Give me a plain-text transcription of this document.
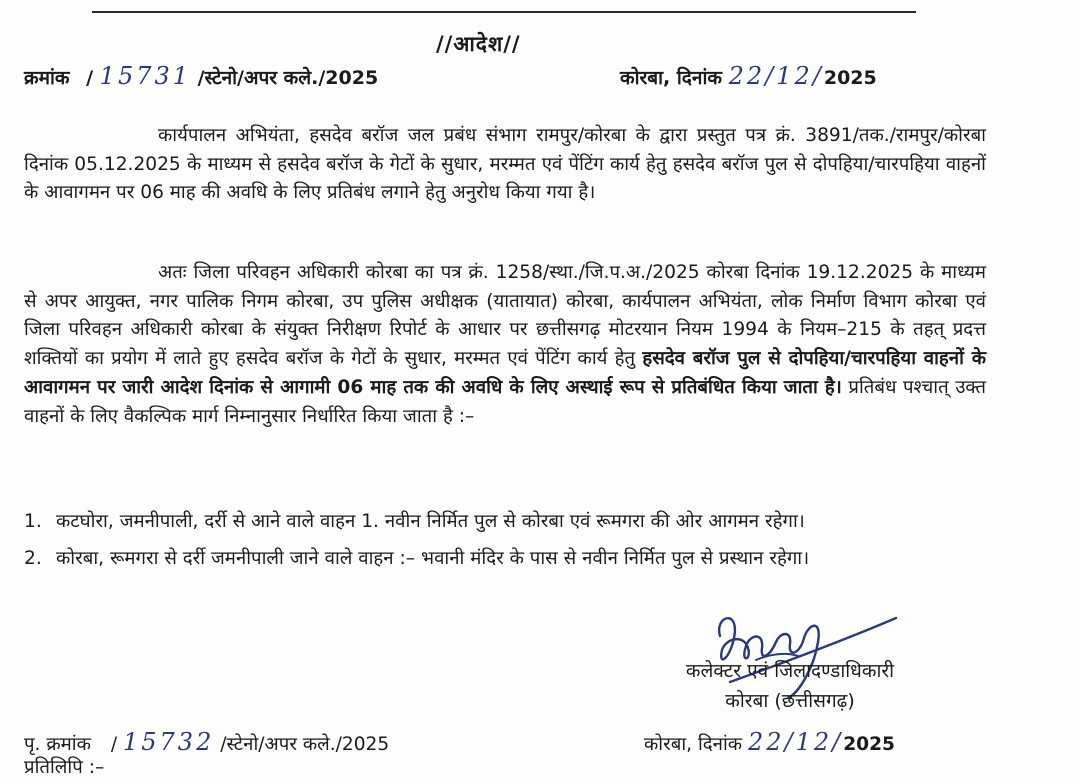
//आदेश//
क्रमांक / 15731 /स्टेनो/अपर कले./2025	कोरबा, दिनांक 22/12/2025
कार्यपालन अभियंता, हसदेव बरॉज जल प्रबंध संभाग रामपुर/कोरबा के द्वारा प्रस्तुत पत्र क्रं. 3891/तक./रामपुर/कोरबा दिनांक 05.12.2025 के माध्यम से हसदेव बरॉज के गेटों के सुधार, मरम्मत एवं पेंटिंग कार्य हेतु हसदेव बरॉज पुल से दोपहिया/चारपहिया वाहनों के आवागमन पर 06 माह की अवधि के लिए प्रतिबंध लगाने हेतु अनुरोध किया गया है।
अतः जिला परिवहन अधिकारी कोरबा का पत्र क्रं. 1258/स्था./जि.प.अ./2025 कोरबा दिनांक 19.12.2025 के माध्यम से अपर आयुक्त, नगर पालिक निगम कोरबा, उप पुलिस अधीक्षक (यातायात) कोरबा, कार्यपालन अभियंता, लोक निर्माण विभाग कोरबा एवं जिला परिवहन अधिकारी कोरबा के संयुक्त निरीक्षण रिपोर्ट के आधार पर छत्तीसगढ़ मोटरयान नियम 1994 के नियम–215 के तहत् प्रदत्त शक्तियों का प्रयोग में लाते हुए हसदेव बरॉज के गेटों के सुधार, मरम्मत एवं पेंटिंग कार्य हेतु हसदेव बरॉज पुल से दोपहिया/चारपहिया वाहनों के आवागमन पर जारी आदेश दिनांक से आगामी 06 माह तक की अवधि के लिए अस्थाई रूप से प्रतिबंधित किया जाता है। प्रतिबंध पश्चात् उक्त वाहनों के लिए वैकल्पिक मार्ग निम्नानुसार निर्धारित किया जाता है :–
1. कटघोरा, जमनीपाली, दर्री से आने वाले वाहन 1. नवीन निर्मित पुल से कोरबा एवं रूमगरा की ओर आगमन रहेगा।
2. कोरबा, रूमगरा से दर्री जमनीपाली जाने वाले वाहन :– भवानी मंदिर के पास से नवीन निर्मित पुल से प्रस्थान रहेगा।
कलेक्टर एवं जिलादण्डाधिकारी
कोरबा (छत्तीसगढ़)
पृ. क्रमांक / 15732 /स्टेनो/अपर कले./2025	कोरबा, दिनांक 22/12/2025
प्रतिलिपि :–
